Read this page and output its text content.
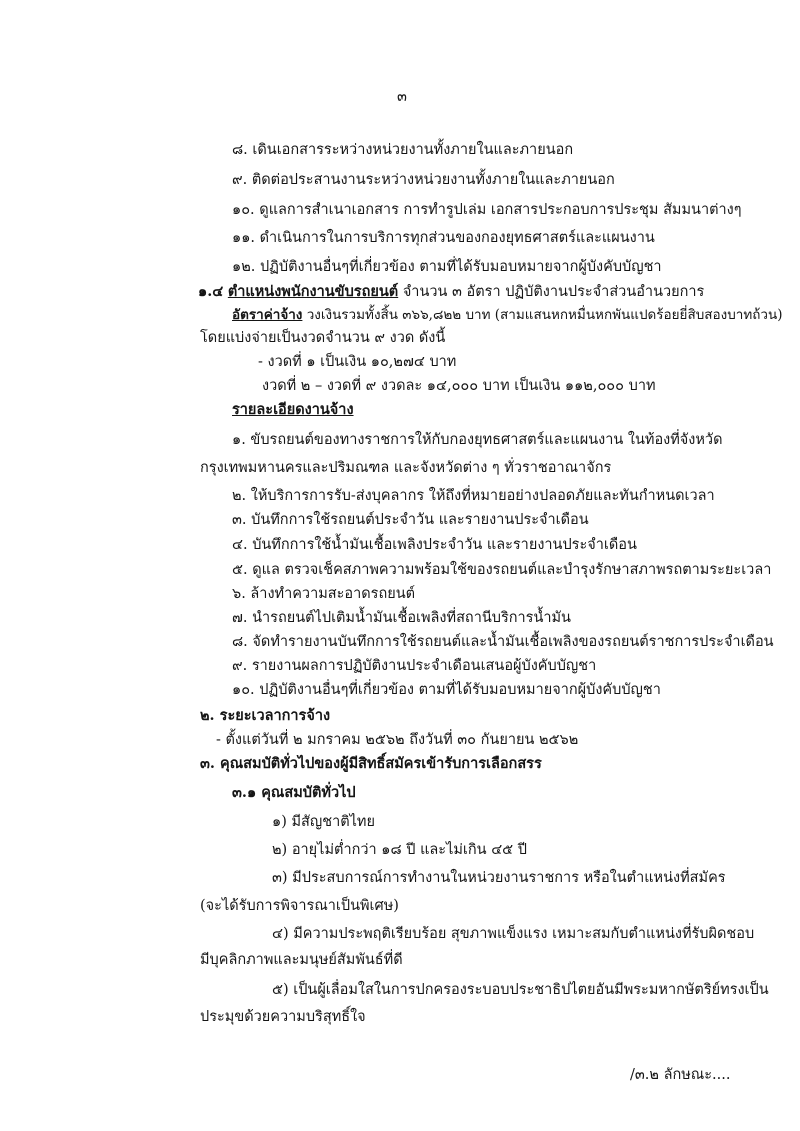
๓
๘. เดินเอกสารระหว่างหน่วยงานทั้งภายในและภายนอก
๙. ติดต่อประสานงานระหว่างหน่วยงานทั้งภายในและภายนอก
๑๐. ดูแลการสำเนาเอกสาร การทำรูปเล่ม เอกสารประกอบการประชุม สัมมนาต่างๆ
๑๑. ดำเนินการในการบริการทุกส่วนของกองยุทธศาสตร์และแผนงาน
๑๒. ปฏิบัติงานอื่นๆที่เกี่ยวข้อง ตามที่ได้รับมอบหมายจากผู้บังคับบัญชา
๑.๔ ตำแหน่งพนักงานขับรถยนต์ จำนวน ๓ อัตรา ปฏิบัติงานประจำส่วนอำนวยการ
อัตราค่าจ้าง วงเงินรวมทั้งสิ้น ๓๖๖,๘๒๒ บาท (สามแสนหกหมื่นหกพันแปดร้อยยี่สิบสองบาทถ้วน)
โดยแบ่งจ่ายเป็นงวดจำนวน ๙ งวด ดังนี้
- งวดที่ ๑ เป็นเงิน ๑๐,๒๗๔ บาท
งวดที่ ๒ – งวดที่ ๙ งวดละ ๑๔,๐๐๐ บาท เป็นเงิน ๑๑๒,๐๐๐ บาท
รายละเอียดงานจ้าง
๑. ขับรถยนต์ของทางราชการให้กับกองยุทธศาสตร์และแผนงาน ในท้องที่จังหวัด
กรุงเทพมหานครและปริมณฑล และจังหวัดต่าง ๆ ทั่วราชอาณาจักร
๒. ให้บริการการรับ-ส่งบุคลากร ให้ถึงที่หมายอย่างปลอดภัยและทันกำหนดเวลา
๓. บันทึกการใช้รถยนต์ประจำวัน และรายงานประจำเดือน
๔. บันทึกการใช้น้ำมันเชื้อเพลิงประจำวัน และรายงานประจำเดือน
๕. ดูแล ตรวจเช็คสภาพความพร้อมใช้ของรถยนต์และบำรุงรักษาสภาพรถตามระยะเวลา
๖. ล้างทำความสะอาดรถยนต์
๗. นำรถยนต์ไปเติมน้ำมันเชื้อเพลิงที่สถานีบริการน้ำมัน
๘. จัดทำรายงานบันทึกการใช้รถยนต์และน้ำมันเชื้อเพลิงของรถยนต์ราชการประจำเดือน
๙. รายงานผลการปฏิบัติงานประจำเดือนเสนอผู้บังคับบัญชา
๑๐. ปฏิบัติงานอื่นๆที่เกี่ยวข้อง ตามที่ได้รับมอบหมายจากผู้บังคับบัญชา
๒. ระยะเวลาการจ้าง
- ตั้งแต่วันที่ ๒ มกราคม ๒๕๖๒ ถึงวันที่ ๓๐ กันยายน ๒๕๖๒
๓. คุณสมบัติทั่วไปของผู้มีสิทธิ์สมัครเข้ารับการเลือกสรร
๓.๑ คุณสมบัติทั่วไป
๑) มีสัญชาติไทย
๒) อายุไม่ต่ำกว่า ๑๘ ปี และไม่เกิน ๔๕ ปี
๓) มีประสบการณ์การทำงานในหน่วยงานราชการ หรือในตำแหน่งที่สมัคร
(จะได้รับการพิจารณาเป็นพิเศษ)
๔) มีความประพฤติเรียบร้อย สุขภาพแข็งแรง เหมาะสมกับตำแหน่งที่รับผิดชอบ
มีบุคลิกภาพและมนุษย์สัมพันธ์ที่ดี
๕) เป็นผู้เลื่อมใสในการปกครองระบอบประชาธิปไตยอันมีพระมหากษัตริย์ทรงเป็น
ประมุขด้วยความบริสุทธิ์ใจ
/๓.๒ ลักษณะ....
